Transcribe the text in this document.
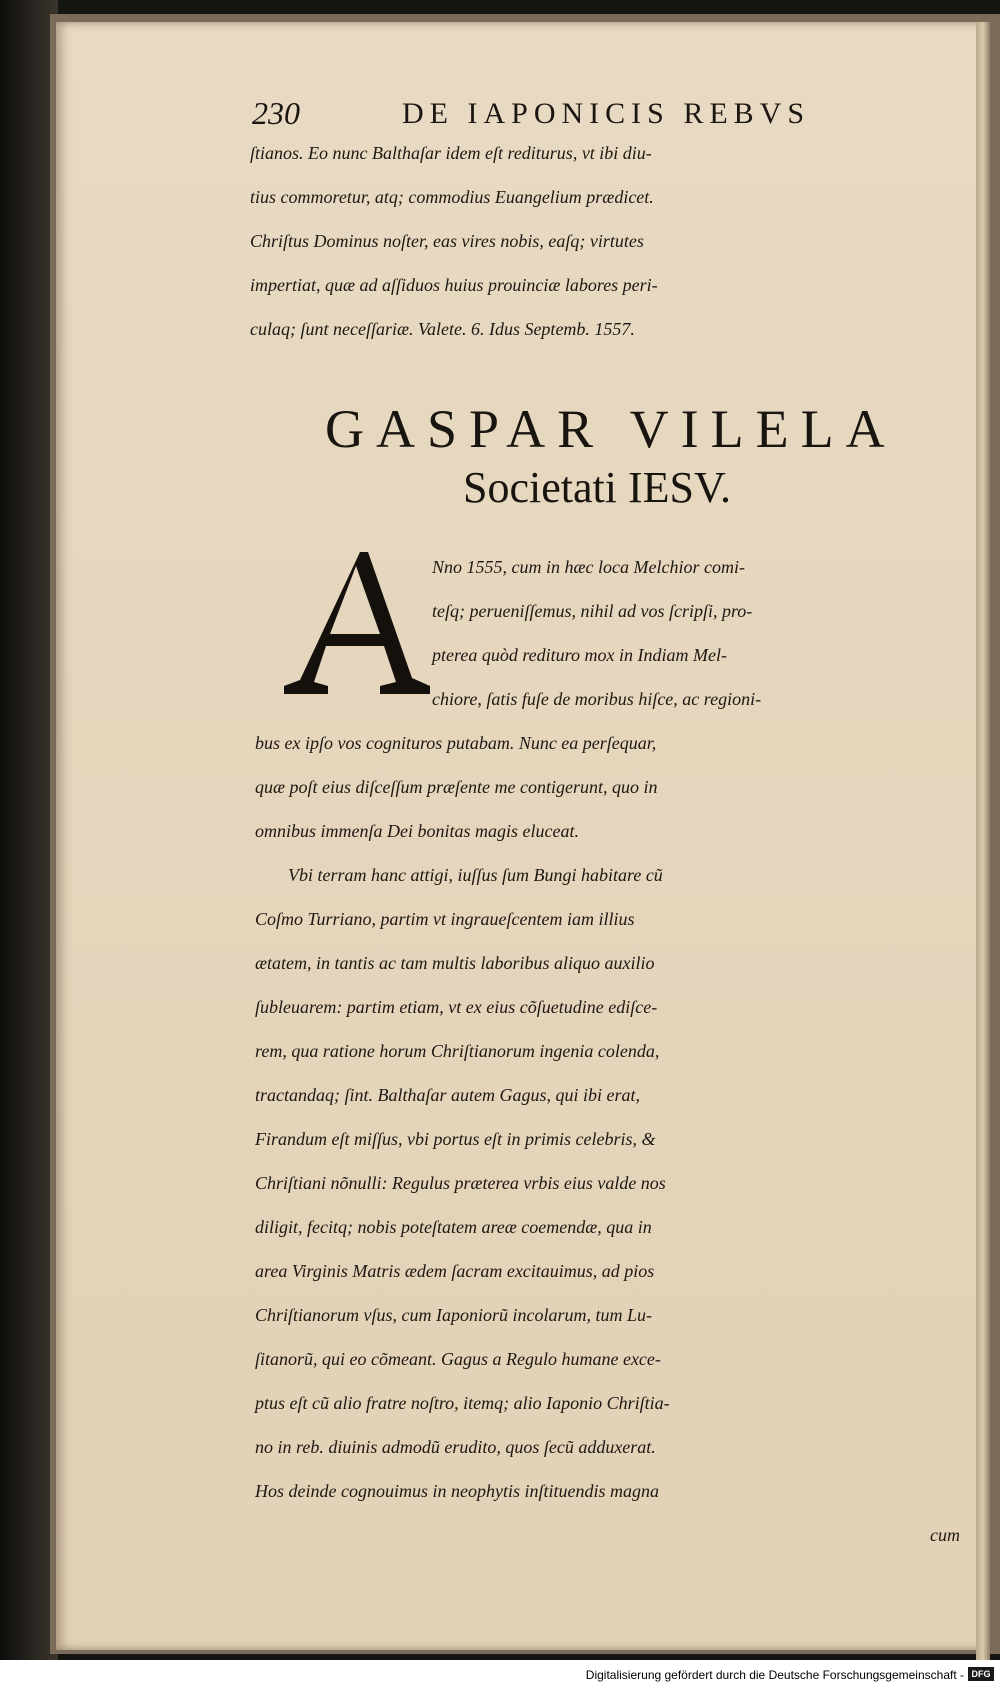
230	DE IAPONICIS REBVS
ſtianos. Eo nunc Balthaſar idem eſt rediturus, vt ibi diu-
tius commoretur, atq; commodius Euangelium prædicet.
Chriſtus Dominus noſter, eas vires nobis, eaſq; virtutes
impertiat, quæ ad aſſiduos huius prouinciæ labores peri-
culaq; ſunt neceſſariæ. Valete. 6. Idus Septemb. 1557.
GASPAR VILELA
Societati IESV.
Nno 1555, cum in hæc loca Melchior comi-
teſq; perueniſſemus, nihil ad vos ſcripſi, pro-
pterea quòd redituro mox in Indiam Mel-
chiore, ſatis fuſe de moribus hiſce, ac regioni-
bus ex ipſo vos cognituros putabam. Nunc ea perſequar,
quæ poſt eius diſceſſum præſente me contigerunt, quo in
omnibus immenſa Dei bonitas magis eluceat.
Vbi terram hanc attigi, iuſſus ſum Bungi habitare cũ
Coſmo Turriano, partim vt ingraueſcentem iam illius
ætatem, in tantis ac tam multis laboribus aliquo auxilio
ſubleuarem: partim etiam, vt ex eius cõſuetudine ediſce-
rem, qua ratione horum Chriſtianorum ingenia colenda,
tractandaq; ſint. Balthaſar autem Gagus, qui ibi erat,
Firandum eſt miſſus, vbi portus eſt in primis celebris, &
Chriſtiani nõnulli: Regulus præterea vrbis eius valde nos
diligit, fecitq; nobis poteſtatem areæ coemendæ, qua in
area Virginis Matris ædem ſacram excitauimus, ad pios
Chriſtianorum vſus, cum Iaponiorũ incolarum, tum Lu-
ſitanorũ, qui eo cõmeant. Gagus a Regulo humane exce-
ptus eſt cũ alio fratre noſtro, itemq; alio Iaponio Chriſtia-
no in reb. diuinis admodũ erudito, quos ſecũ adduxerat.
Hos deinde cognouimus in neophytis inſtituendis magna
cum
Digitalisierung gefördert durch die Deutsche Forschungsgemeinschaft - DFG
